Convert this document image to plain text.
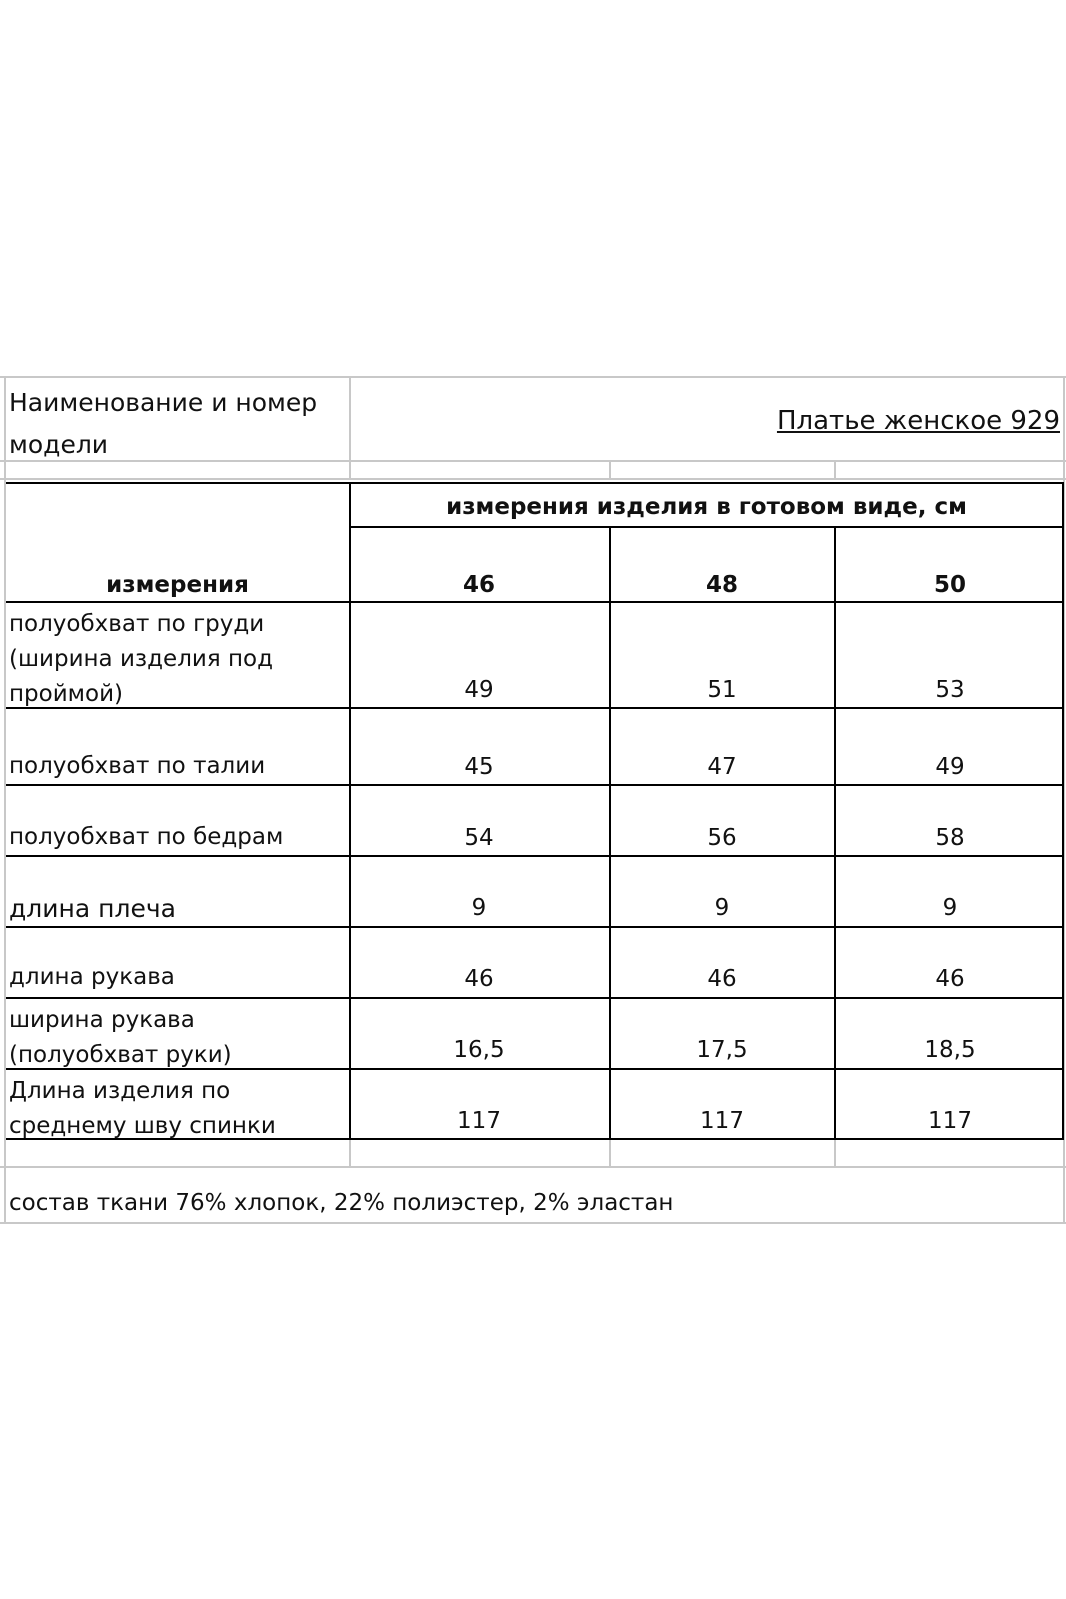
Наименование и номер
модели
Платье женское 929
измерения изделия в готовом виде, см
измерения	46	48	50
полуобхват по груди
(ширина изделия под
проймой)	49	51	53
полуобхват по талии	45	47	49
полуобхват по бедрам	54	56	58
длина плеча	9	9	9
длина рукава	46	46	46
ширина рукава
(полуобхват руки)	16,5	17,5	18,5
Длина изделия по
среднему шву спинки	117	117	117
состав ткани 76% хлопок, 22% полиэстер, 2% эластан
